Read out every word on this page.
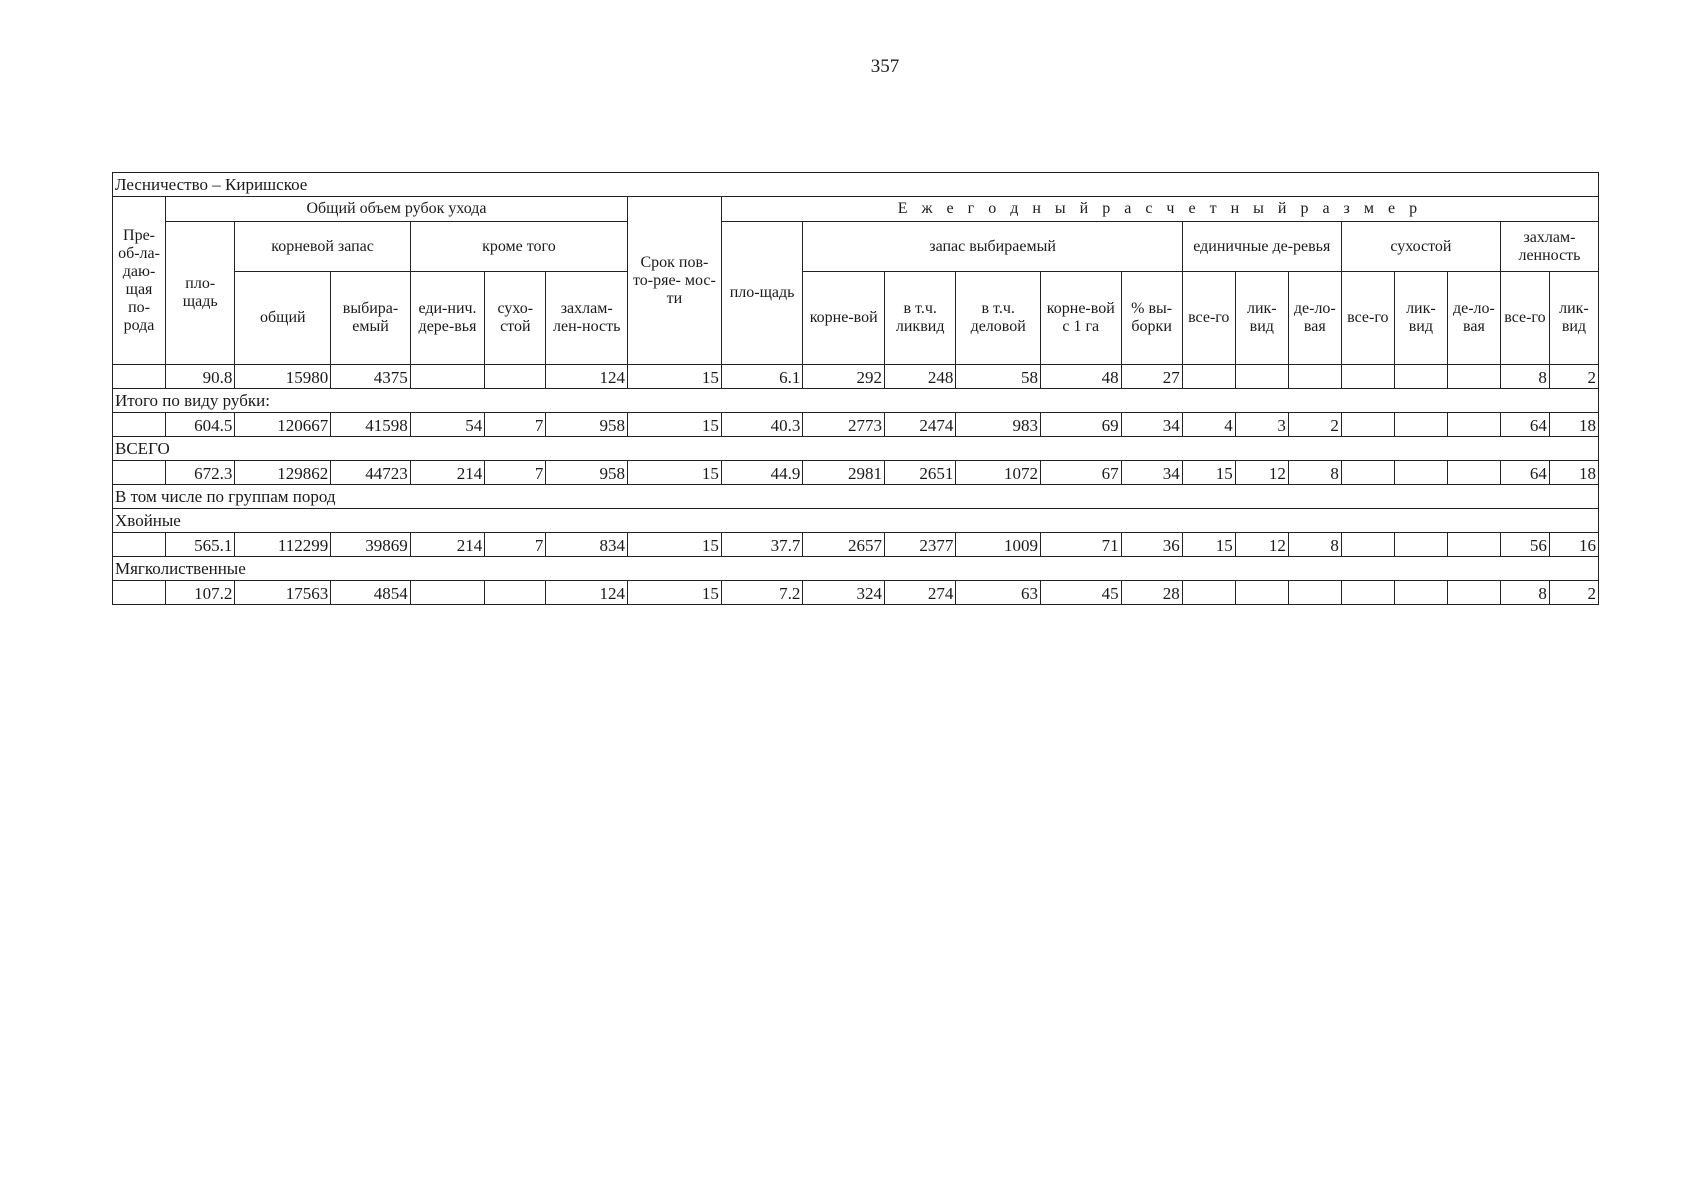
357
Лесничество – Киришское																					
Пре-об-ла-даю-щая по-рода	Общий объем рубок ухода						Срок пов- то-ряе- мос-ти	Е ж е г о д н ы й р а с ч е т н ы й р а з м е р													
	пло-щадь	корневой запас		кроме того				пло-щадь	запас выбираемый					единичные де-ревья			сухостой			захлам-ленность	
		общий	выбира-емый	еди-нич. дере-вья	сухо-стой	захлам-лен-ность			корне-вой	в т.ч. ликвид	в т.ч. деловой	корне-вой с 1 га	% вы-борки	все-го	лик-вид	де-ло-вая	все-го	лик-вид	де-ло-вая	все-го	лик-вид
	90.8	15980	4375			124	15	6.1	292	248	58	48	27							8	2
Итого по виду рубки:																					
	604.5	120667	41598	54	7	958	15	40.3	2773	2474	983	69	34	4	3	2				64	18
ВСЕГО																					
	672.3	129862	44723	214	7	958	15	44.9	2981	2651	1072	67	34	15	12	8				64	18
В том числе по группам пород																					
Хвойные																					
	565.1	112299	39869	214	7	834	15	37.7	2657	2377	1009	71	36	15	12	8				56	16
Мягколиственные																					
	107.2	17563	4854			124	15	7.2	324	274	63	45	28							8	2
